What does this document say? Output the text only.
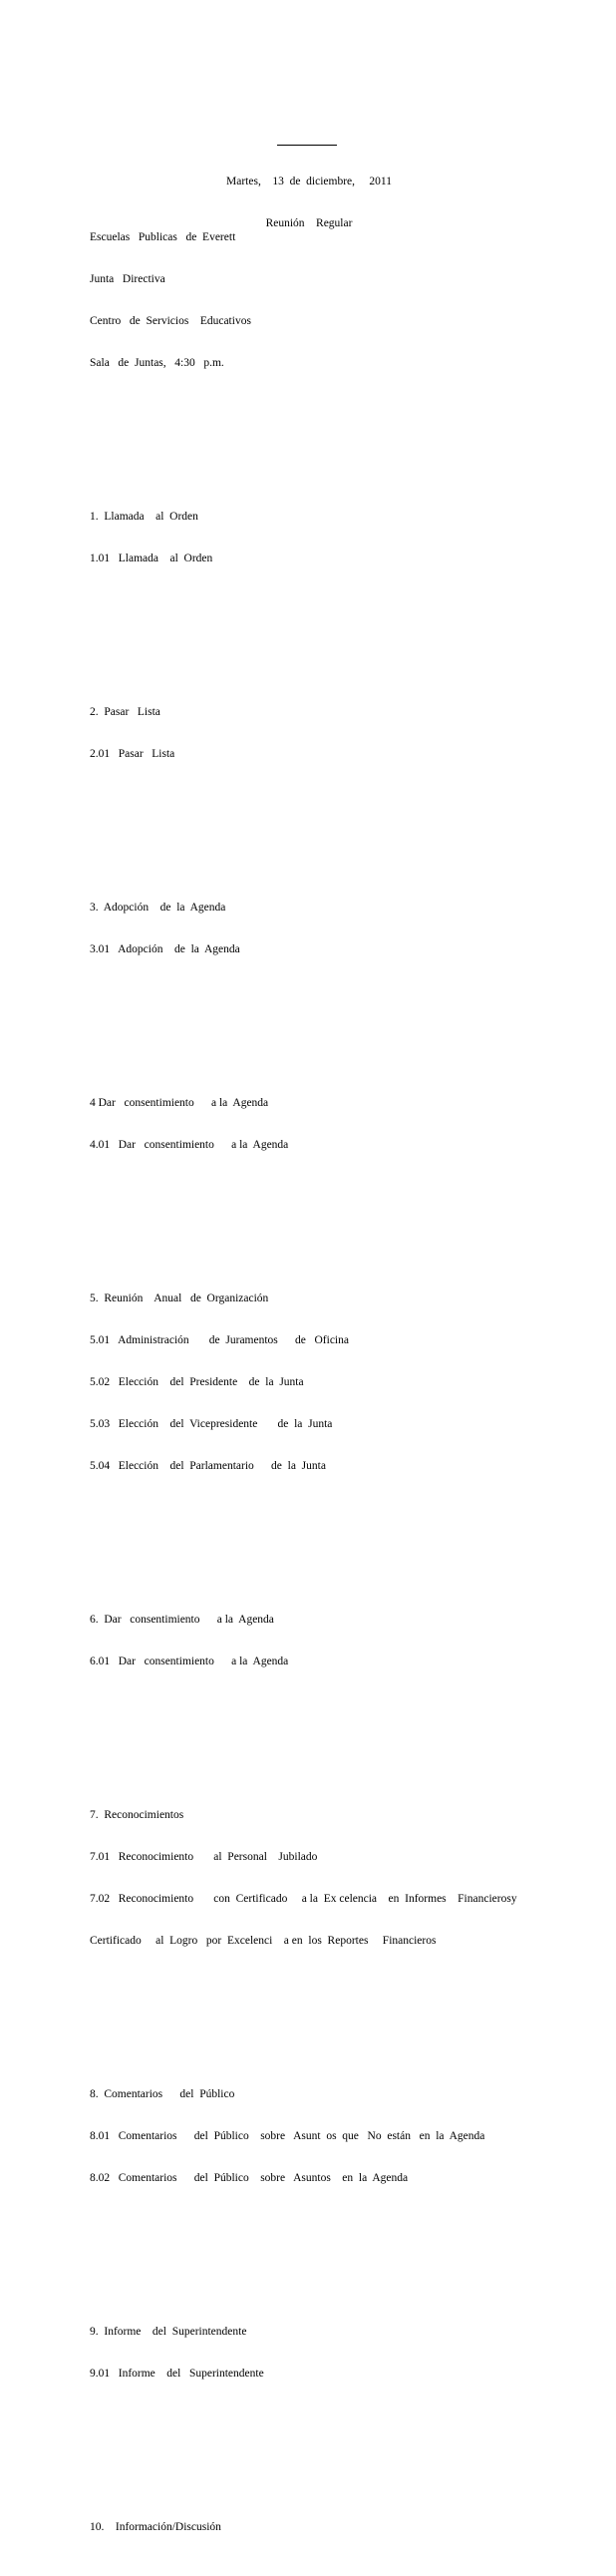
Martes,    13  de  diciembre,     2011

Reunión    Regular

Escuelas   Publicas   de  Everett

Junta   Directiva

Centro   de  Servicios    Educativos

Sala   de  Juntas,   4:30   p.m.

1.  Llamada    al  Orden

1.01   Llamada    al  Orden

2.  Pasar   Lista

2.01   Pasar   Lista

3.  Adopción    de  la  Agenda

3.01   Adopción    de  la  Agenda

4 Dar   consentimiento      a la  Agenda

4.01   Dar   consentimiento      a la  Agenda

5.  Reunión    Anual   de  Organización

5.01   Administración       de  Juramentos      de   Oficina

5.02   Elección    del  Presidente    de  la  Junta

5.03   Elección    del  Vicepresidente       de  la  Junta

5.04   Elección    del  Parlamentario      de  la  Junta

6.  Dar   consentimiento      a la  Agenda

6.01   Dar   consentimiento      a la  Agenda

7.  Reconocimientos

7.01   Reconocimiento       al  Personal    Jubilado

7.02   Reconocimiento       con  Certificado     a la  Ex celencia    en  Informes    Financieros y

Certificado     al  Logro   por  Excelenci    a en  los  Reportes     Financieros

8.  Comentarios      del  Público

8.01   Comentarios      del  Público    sobre   Asunt  os  que   No  están   en  la  Agenda

8.02   Comentarios      del  Público    sobre   Asuntos    en  la  Agenda

9.  Informe    del  Superintendente

9.01   Informe    del   Superintendente

10.    Información/Discusión
